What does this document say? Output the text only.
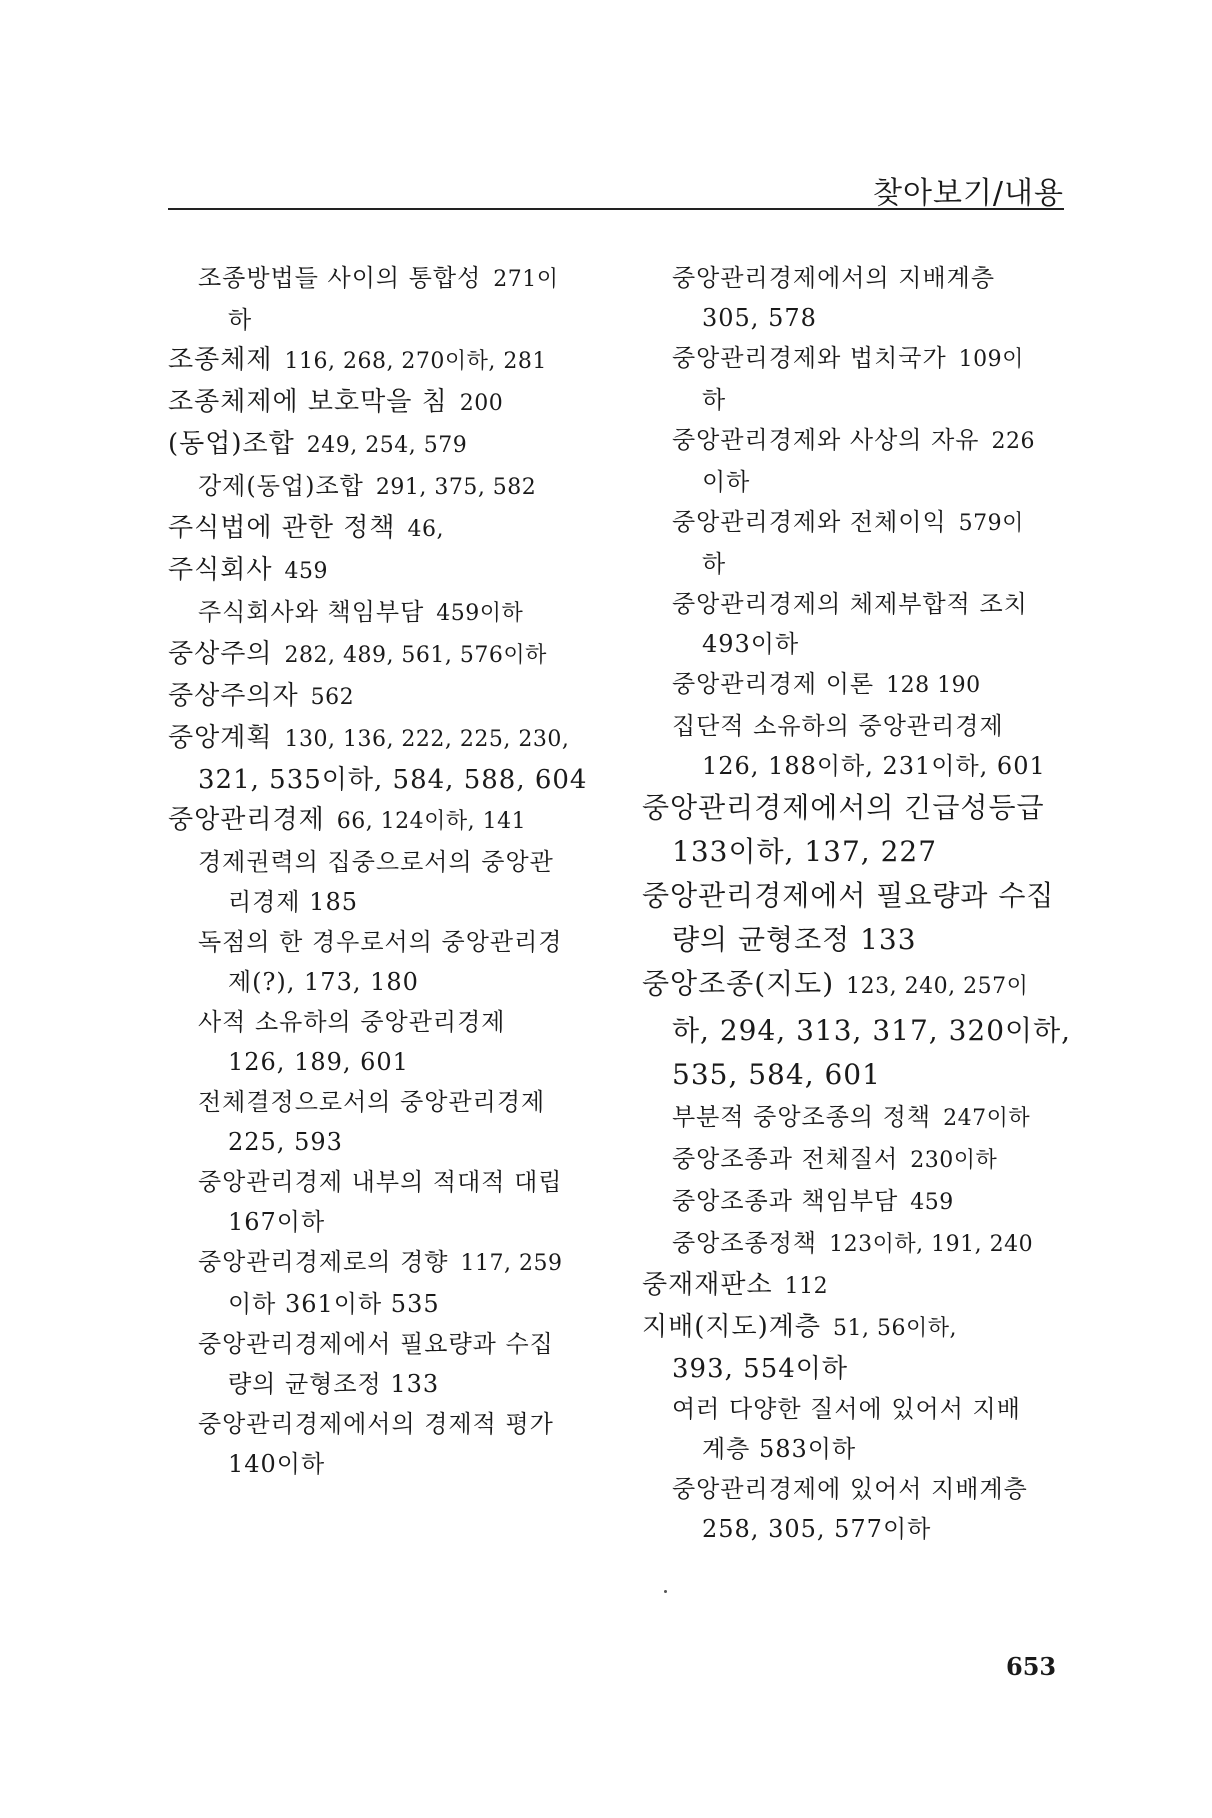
찾아보기/내용
조종방법들 사이의 통합성 271이
하
조종체제 116, 268, 270이하, 281
조종체제에 보호막을 침 200
(동업)조합 249, 254, 579
강제(동업)조합 291, 375, 582
주식법에 관한 정책 46,
주식회사 459
주식회사와 책임부담 459이하
중상주의 282, 489, 561, 576이하
중상주의자 562
중앙계획 130, 136, 222, 225, 230,
321, 535이하, 584, 588, 604
중앙관리경제 66, 124이하, 141
경제권력의 집중으로서의 중앙관
리경제 185
독점의 한 경우로서의 중앙관리경
제(?), 173, 180
사적 소유하의 중앙관리경제
126, 189, 601
전체결정으로서의 중앙관리경제
225, 593
중앙관리경제 내부의 적대적 대립
167이하
중앙관리경제로의 경향 117, 259
이하 361이하 535
중앙관리경제에서 필요량과 수집
량의 균형조정 133
중앙관리경제에서의 경제적 평가
140이하
중앙관리경제에서의 지배계층
305, 578
중앙관리경제와 법치국가 109이
하
중앙관리경제와 사상의 자유 226
이하
중앙관리경제와 전체이익 579이
하
중앙관리경제의 체제부합적 조치
493이하
중앙관리경제 이론 128 190
집단적 소유하의 중앙관리경제
126, 188이하, 231이하, 601
중앙관리경제에서의 긴급성등급
133이하, 137, 227
중앙관리경제에서 필요량과 수집
량의 균형조정 133
중앙조종(지도) 123, 240, 257이
하, 294, 313, 317, 320이하,
535, 584, 601
부분적 중앙조종의 정책 247이하
중앙조종과 전체질서 230이하
중앙조종과 책임부담 459
중앙조종정책 123이하, 191, 240
중재재판소 112
지배(지도)계층 51, 56이하,
393, 554이하
여러 다양한 질서에 있어서 지배
계층 583이하
중앙관리경제에 있어서 지배계층
258, 305, 577이하
653
